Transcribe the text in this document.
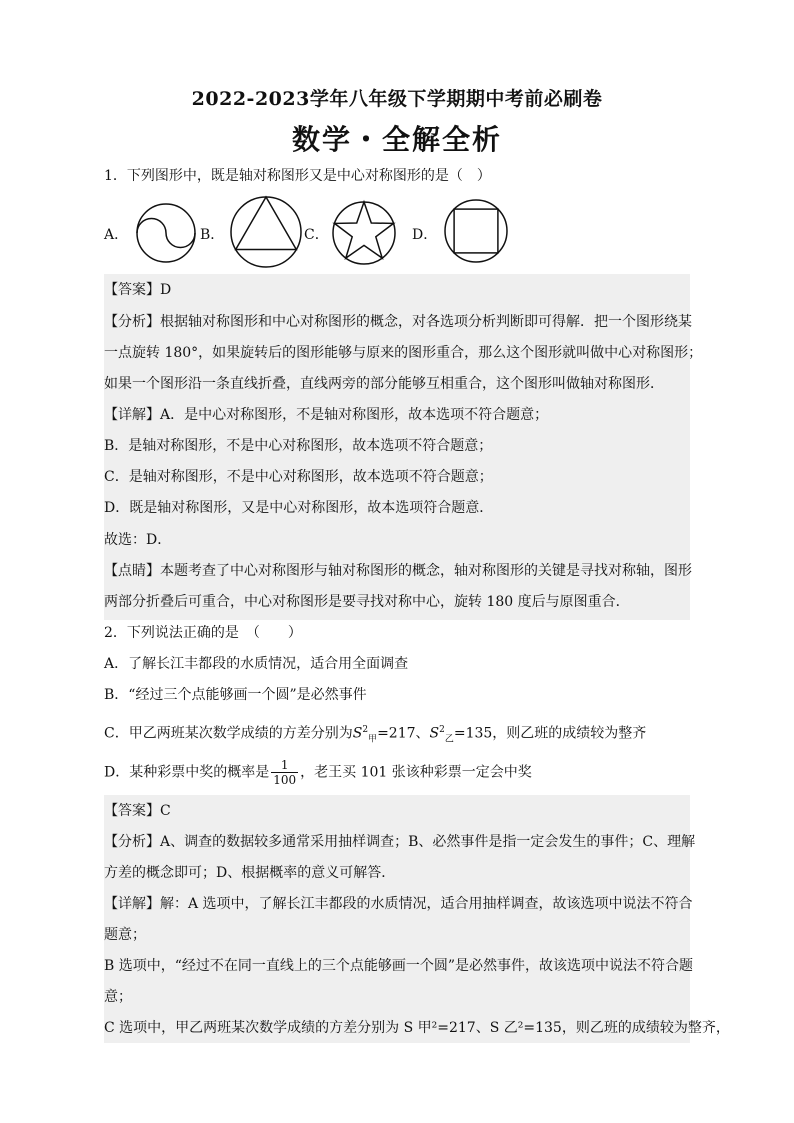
2022-2023学年八年级下学期期中考前必刷卷
数学・全解全析
1．下列图形中，既是轴对称图形又是中心对称图形的是（　）
A．	B．	C．	D．
【答案】D
【分析】根据轴对称图形和中心对称图形的概念，对各选项分析判断即可得解．把一个图形绕某
一点旋转 180°，如果旋转后的图形能够与原来的图形重合，那么这个图形就叫做中心对称图形；
如果一个图形沿一条直线折叠，直线两旁的部分能够互相重合，这个图形叫做轴对称图形．
【详解】A．是中心对称图形，不是轴对称图形，故本选项不符合题意；
B．是轴对称图形，不是中心对称图形，故本选项不符合题意；
C．是轴对称图形，不是中心对称图形，故本选项不符合题意；
D．既是轴对称图形，又是中心对称图形，故本选项符合题意．
故选：D．
【点睛】本题考查了中心对称图形与轴对称图形的概念，轴对称图形的关键是寻找对称轴，图形
两部分折叠后可重合，中心对称图形是要寻找对称中心，旋转 180 度后与原图重合．
2．下列说法正确的是　（　　）
A．了解长江丰都段的水质情况，适合用全面调查
B．“经过三个点能够画一个圆”是必然事件
C．甲乙两班某次数学成绩的方差分别为$S^2_甲=217$、$S^2_乙=135$，则乙班的成绩较为整齐
D．某种彩票中奖的概率是 $\frac{1}{100}$ ，老王买 101 张该种彩票一定会中奖
【答案】C
【分析】A、调查的数据较多通常采用抽样调查；B、必然事件是指一定会发生的事件；C、理解
方差的概念即可；D、根据概率的意义可解答．
【详解】解：A 选项中，了解长江丰都段的水质情况，适合用抽样调查，故该选项中说法不符合
题意；
B 选项中，“经过不在同一直线上的三个点能够画一个圆”是必然事件，故该选项中说法不符合题
意；
C 选项中，甲乙两班某次数学成绩的方差分别为 S 甲²=217、S 乙²=135，则乙班的成绩较为整齐，
